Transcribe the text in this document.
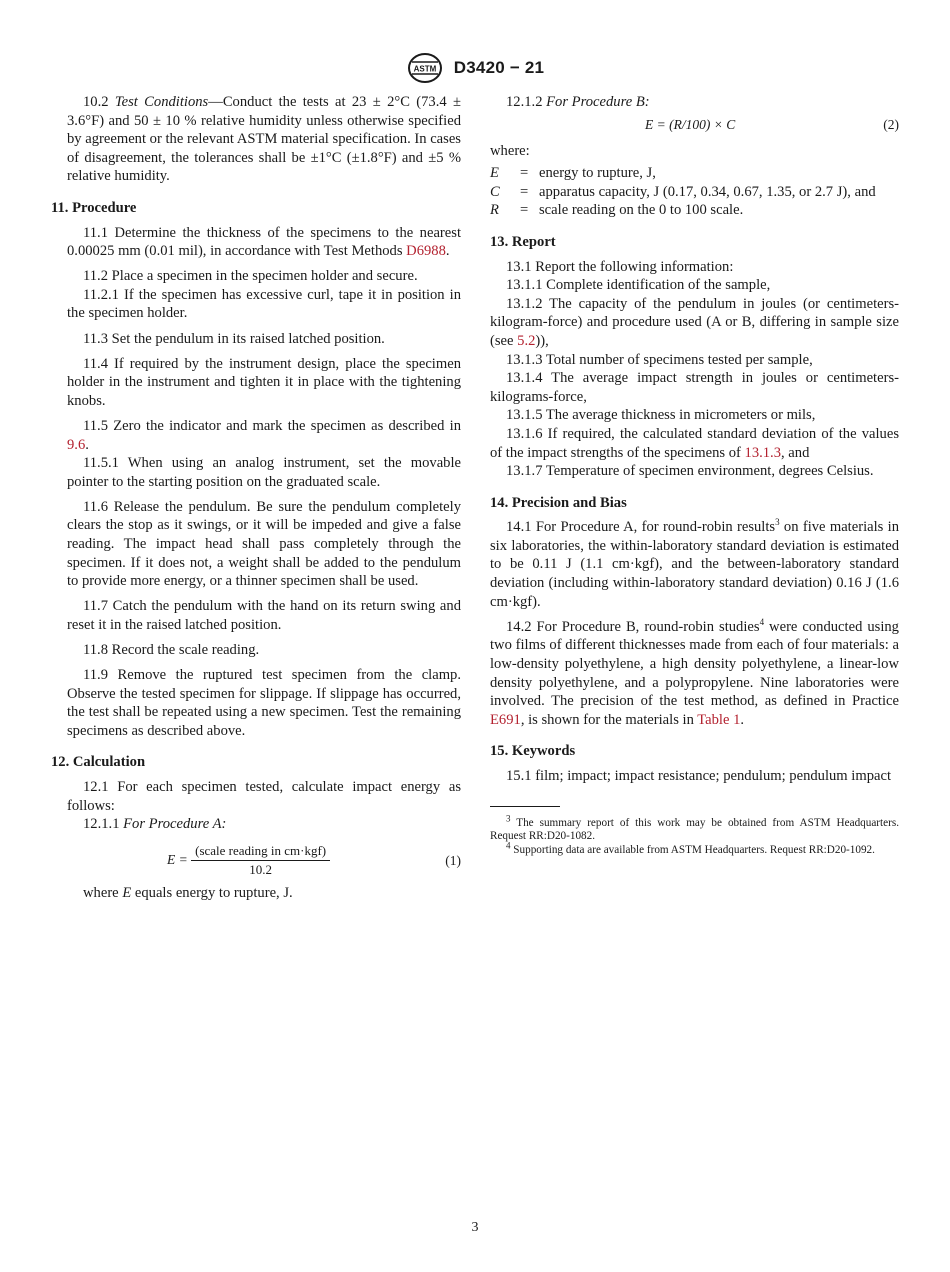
ASTM D3420 − 21

10.2 Test Conditions—Conduct the tests at 23 ± 2°C (73.4 ± 3.6°F) and 50 ± 10 % relative humidity unless otherwise specified by agreement or the relevant ASTM material specification. In cases of disagreement, the tolerances shall be ±1°C (±1.8°F) and ±5 % relative humidity.

11. Procedure

11.1 Determine the thickness of the specimens to the nearest 0.00025 mm (0.01 mil), in accordance with Test Methods D6988.

11.2 Place a specimen in the specimen holder and secure.

11.2.1 If the specimen has excessive curl, tape it in position in the specimen holder.

11.3 Set the pendulum in its raised latched position.

11.4 If required by the instrument design, place the specimen holder in the instrument and tighten it in place with the tightening knobs.

11.5 Zero the indicator and mark the specimen as described in 9.6.

11.5.1 When using an analog instrument, set the movable pointer to the starting position on the graduated scale.

11.6 Release the pendulum. Be sure the pendulum completely clears the stop as it swings, or it will be impeded and give a false reading. The impact head shall pass completely through the specimen. If it does not, a weight shall be added to the pendulum to provide more energy, or a thinner specimen shall be used.

11.7 Catch the pendulum with the hand on its return swing and reset it in the raised latched position.

11.8 Record the scale reading.

11.9 Remove the ruptured test specimen from the clamp. Observe the tested specimen for slippage. If slippage has occurred, the test shall be repeated using a new specimen. Test the remaining specimens as described above.

12. Calculation

12.1 For each specimen tested, calculate impact energy as follows:

12.1.1 For Procedure A:

$E = \frac{\text{(scale reading in cm·kgf)}}{10.2}$	(1)

where E equals energy to rupture, J.

12.1.2 For Procedure B:

E = (R/100) × C	(2)

where:

E	= energy to rupture, J,
C	= apparatus capacity, J (0.17, 0.34, 0.67, 1.35, or 2.7 J), and
R	= scale reading on the 0 to 100 scale.
13. Report

13.1 Report the following information:

13.1.1 Complete identification of the sample,

13.1.2 The capacity of the pendulum in joules (or centimeters-kilogram-force) and procedure used (A or B, differing in sample size (see 5.2)),

13.1.3 Total number of specimens tested per sample,

13.1.4 The average impact strength in joules or centimeters-kilograms-force,

13.1.5 The average thickness in micrometers or mils,

13.1.6 If required, the calculated standard deviation of the values of the impact strengths of the specimens of 13.1.3, and

13.1.7 Temperature of specimen environment, degrees Celsius.

14. Precision and Bias

14.1 For Procedure A, for round-robin results$^3$ on five materials in six laboratories, the within-laboratory standard deviation is estimated to be 0.11 J (1.1 cm·kgf), and the between-laboratory standard deviation (including within-laboratory standard deviation) 0.16 J (1.6 cm·kgf).

14.2 For Procedure B, round-robin studies$^4$ were conducted using two films of different thicknesses made from each of four materials: a low-density polyethylene, a high density polyethylene, a linear-low density polyethylene, and a polypropylene. Nine laboratories were involved. The precision of the test method, as defined in Practice E691, is shown for the materials in Table 1.

15. Keywords

15.1 film; impact; impact resistance; pendulum; pendulum impact

$^3$ The summary report of this work may be obtained from ASTM Headquarters. Request RR:D20-1082.

$^4$ Supporting data are available from ASTM Headquarters. Request RR:D20-1092.

3
